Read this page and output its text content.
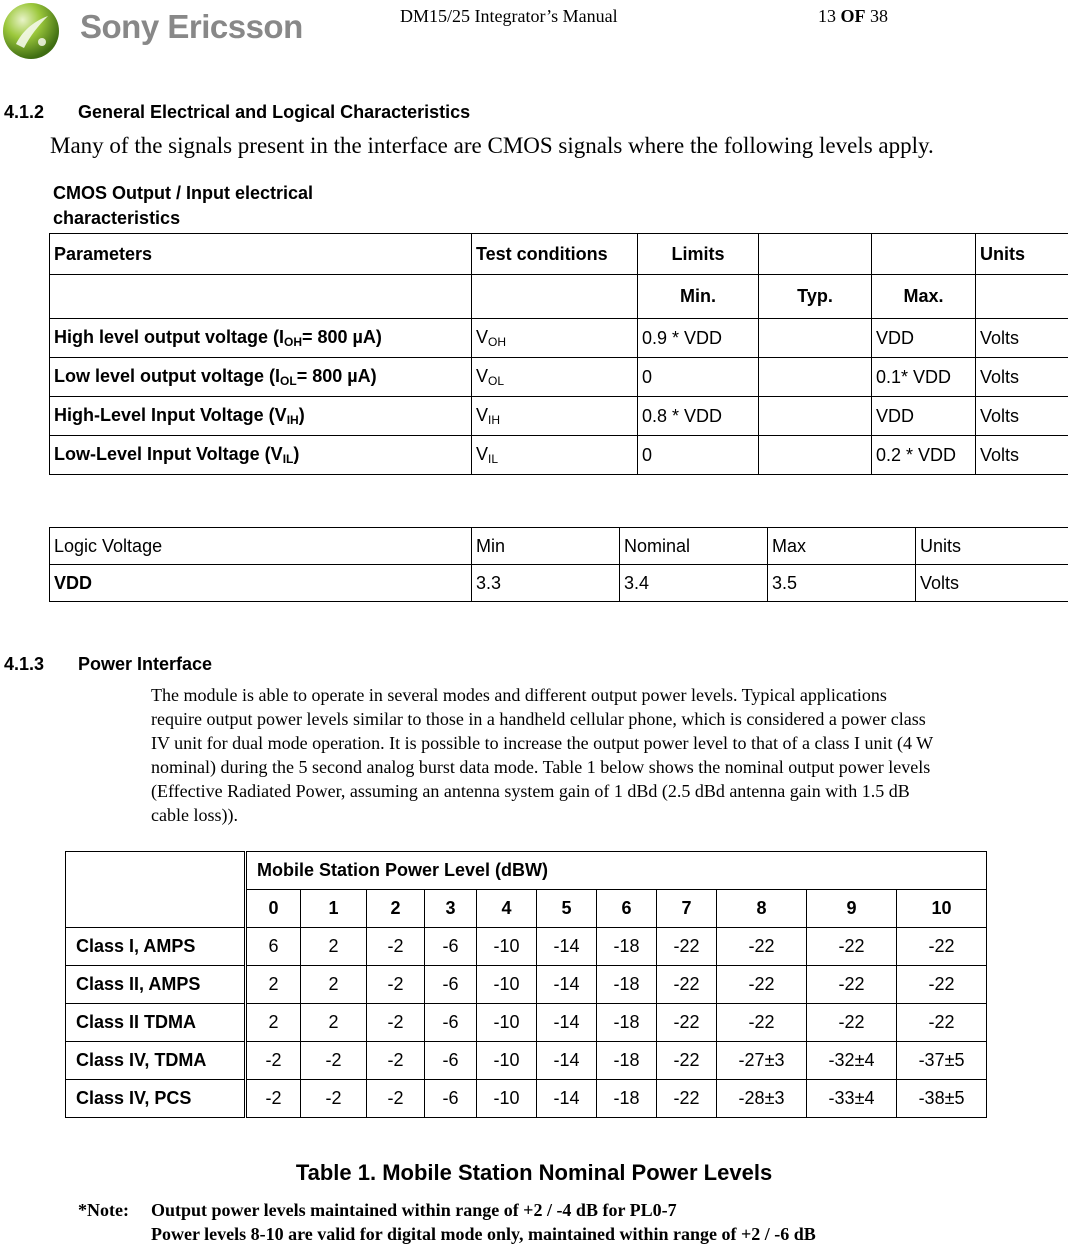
Sony Ericsson	DM15/25 Integrator’s Manual	13 OF 38
4.1.2 General Electrical and Logical Characteristics
Many of the signals present in the interface are CMOS signals where the following levels apply.
CMOS Output / Input electrical
characteristics
Parameters	Test conditions	Limits			Units
		Min.	Typ.	Max.	
High level output voltage ($I_{OH}= 800$ µA)	$V_{OH}$	0.9 * VDD		VDD	Volts
Low level output voltage ($I_{OL}= 800$ µA)	$V_{OL}$	0		0.1* VDD	Volts
High-Level Input Voltage $(V_{IH})$	$V_{IH}$	0.8 * VDD		VDD	Volts
Low-Level Input Voltage $(V_{IL})$	$V_{IL}$	0		0.2 * VDD	Volts
Logic Voltage	Min	Nominal	Max	Units
VDD	3.3	3.4	3.5	Volts
4.1.3 Power Interface
The module is able to operate in several modes and different output power levels. Typical applications
require output power levels similar to those in a handheld cellular phone, which is considered a power class
IV unit for dual mode operation. It is possible to increase the output power level to that of a class I unit (4 W
nominal) during the 5 second analog burst data mode. Table 1 below shows the nominal output power levels
(Effective Radiated Power, assuming an antenna system gain of 1 dBd (2.5 dBd antenna gain with 1.5 dB
cable loss)).
	Mobile Station Power Level (dBW)										
	0	1	2	3	4	5	6	7	8	9	10
Class I, AMPS	6	2	-2	-6	-10	-14	-18	-22	-22	-22	-22
Class II, AMPS	2	2	-2	-6	-10	-14	-18	-22	-22	-22	-22
Class II TDMA	2	2	-2	-6	-10	-14	-18	-22	-22	-22	-22
Class IV, TDMA	-2	-2	-2	-6	-10	-14	-18	-22	-27±3	-32±4	-37±5
Class IV, PCS	-2	-2	-2	-6	-10	-14	-18	-22	-28±3	-33±4	-38±5
Table 1. Mobile Station Nominal Power Levels
*Note: Output power levels maintained within range of +2 / -4 dB for PL0-7
Power levels 8-10 are valid for digital mode only, maintained within range of +2 / -6 dB
